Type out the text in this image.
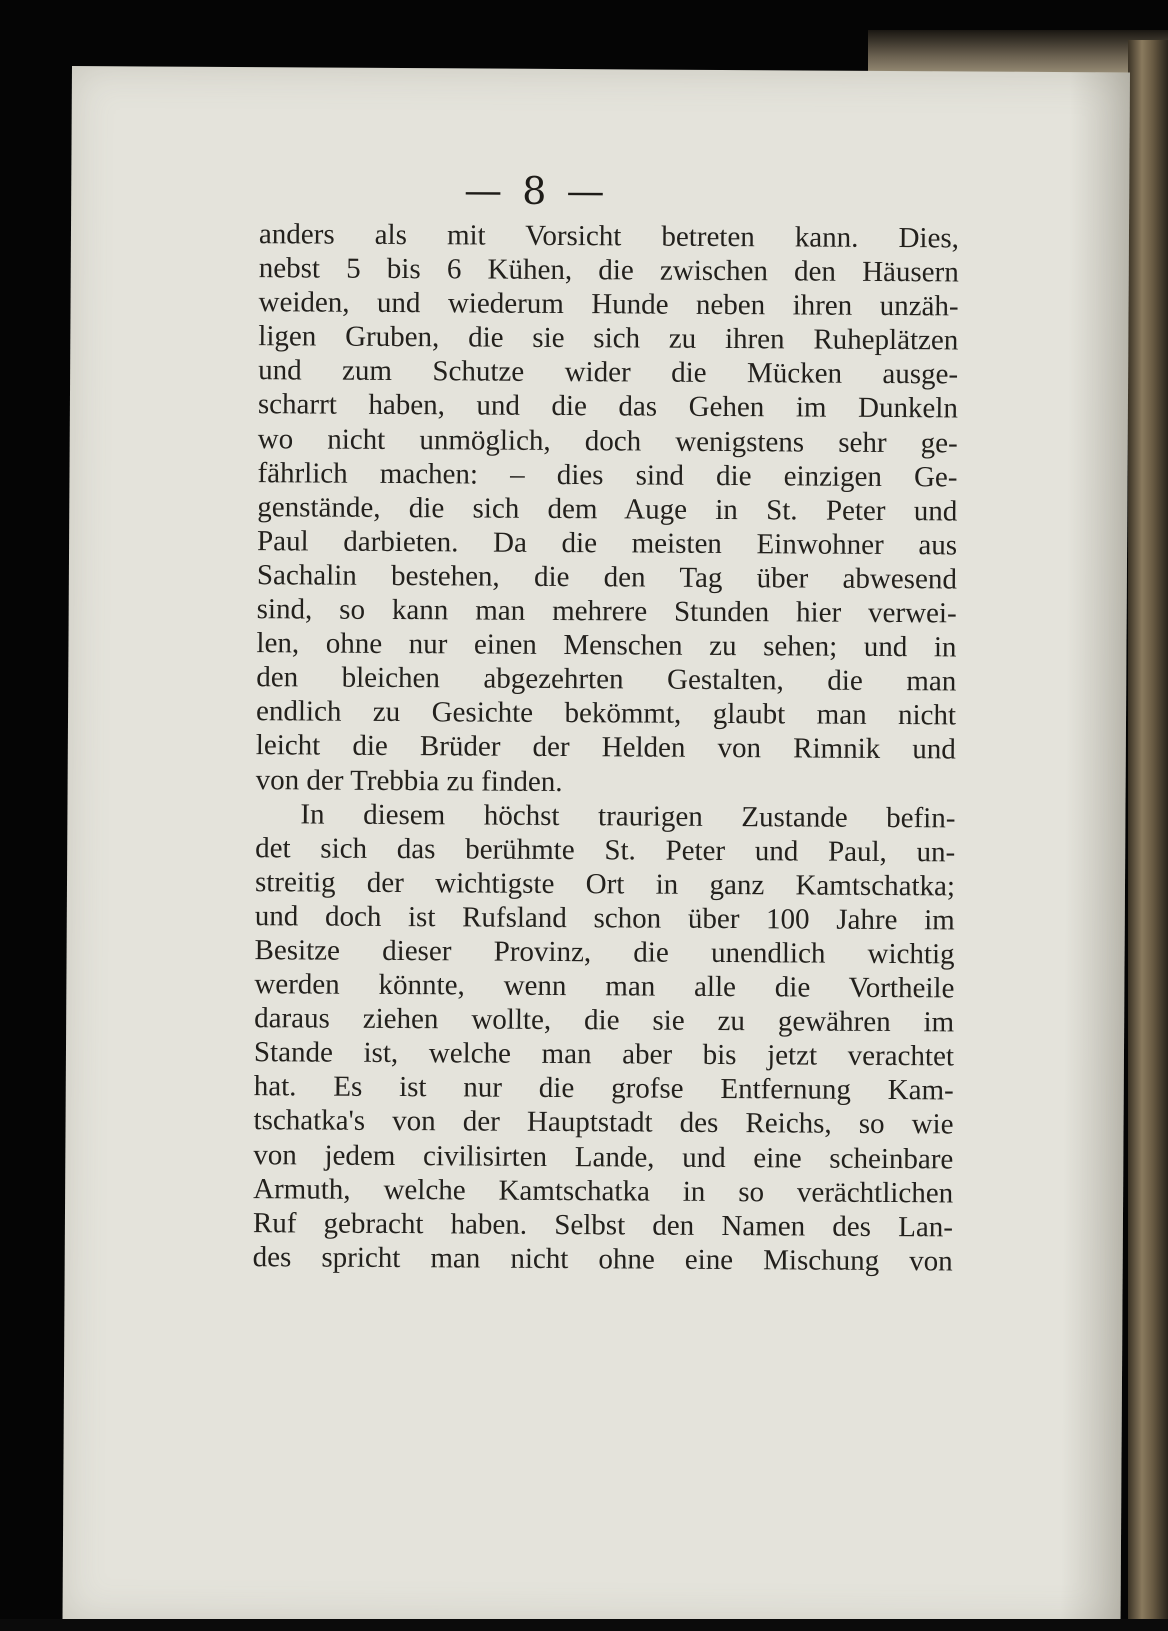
— 8 —
anders als mit Vorsicht betreten kann. Dies,
nebst 5 bis 6 Kühen, die zwischen den Häusern
weiden, und wiederum Hunde neben ihren unzäh-
ligen Gruben, die sie sich zu ihren Ruheplätzen
und zum Schutze wider die Mücken ausge-
scharrt haben, und die das Gehen im Dunkeln
wo nicht unmöglich, doch wenigstens sehr ge-
fährlich machen: – dies sind die einzigen Ge-
genstände, die sich dem Auge in St. Peter und
Paul darbieten. Da die meisten Einwohner aus
Sachalin bestehen, die den Tag über abwesend
sind, so kann man mehrere Stunden hier verwei-
len, ohne nur einen Menschen zu sehen; und in
den bleichen abgezehrten Gestalten, die man
endlich zu Gesichte bekömmt, glaubt man nicht
leicht die Brüder der Helden von Rimnik und
von der Trebbia zu finden.
In diesem höchst traurigen Zustande befin-
det sich das berühmte St. Peter und Paul, un-
streitig der wichtigste Ort in ganz Kamtschatka;
und doch ist Rufsland schon über 100 Jahre im
Besitze dieser Provinz, die unendlich wichtig
werden könnte, wenn man alle die Vortheile
daraus ziehen wollte, die sie zu gewähren im
Stande ist, welche man aber bis jetzt verachtet
hat. Es ist nur die grofse Entfernung Kam-
tschatka's von der Hauptstadt des Reichs, so wie
von jedem civilisirten Lande, und eine scheinbare
Armuth, welche Kamtschatka in so verächtlichen
Ruf gebracht haben. Selbst den Namen des Lan-
des spricht man nicht ohne eine Mischung von
